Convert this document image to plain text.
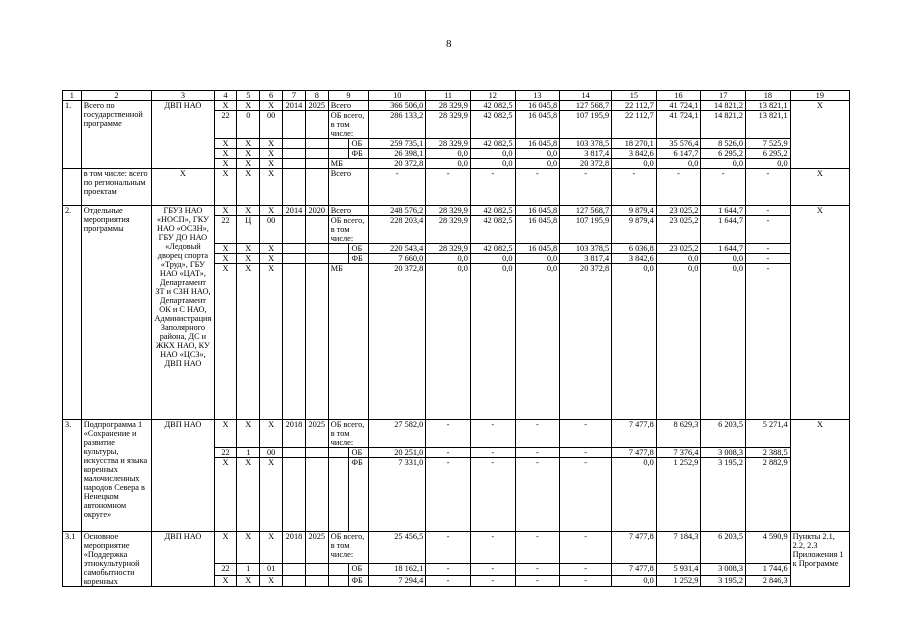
8
1	2	3	4	5	6	7	8	9		10	11	12	13	14	15	16	17	18	19
1.	Всего по государственной программе	ДВП НАО	Х	Х	Х	2014	2025	Всего		366 506,0	28 329,9	42 082,5	16 045,8	127 568,7	22 112,7	41 724,1	14 821,2	13 821,1	Х
			22	0	00			ОБ всего, в том числе:		286 133,2	28 329,9	42 082,5	16 045,8	107 195,9	22 112,7	41 724,1	14 821,2	13 821,1	
			Х	Х	Х				ОБ	259 735,1	28 329,9	42 082,5	16 045,8	103 378,5	18 270,1	35 576,4	8 526,0	7 525,9	
			Х	Х	Х				ФБ	26 398,1	0,0	0,0	0,0	3 817,4	3 842,6	6 147,7	6 295,2	6 295,2	
			Х	Х	Х			МБ		20 372,8	0,0	0,0	0,0	20 372,8	0,0	0,0	0,0	0,0	
	в том числе: всего по региональным проектам	Х	Х	Х	Х			Всего		-	-	-	-	-	-	-	-	-	Х
2.	Отдельные мероприятия программы	ГБУЗ НАО «НОСП», ГКУ НАО «ОСЗН», ГБУ ДО НАО «Ледовый дворец спорта «Труд», ГБУ НАО «ЦАТ», Департамент ЗТ и СЗН НАО, Департамент ОК и С НАО, Администрация Заполярного района, ДС и ЖКХ НАО, КУ НАО «ЦСЗ», ДВП НАО	Х	Х	Х	2014	2020	Всего		248 576,2	28 329,9	42 082,5	16 045,8	127 568,7	9 879,4	23 025,2	1 644,7	-	Х
			22	Ц	00			ОБ всего, в том числе:		228 203,4	28 329,9	42 082,5	16 045,8	107 195,9	9 879,4	23 025,2	1 644,7	-	
			Х	Х	Х				ОБ	220 543,4	28 329,9	42 082,5	16 045,8	103 378,5	6 036,8	23 025,2	1 644,7	-	
			Х	Х	Х				ФБ	7 660,0	0,0	0,0	0,0	3 817,4	3 842,6	0,0	0,0	-	
			Х	Х	Х			МБ		20 372,8	0,0	0,0	0,0	20 372,8	0,0	0,0	0,0	-	
3.	Подпрограмма 1 «Сохранение и развитие культуры, искусства и языка коренных малочисленных народов Севера в Ненецком автономном округе»	ДВП НАО	Х	Х	Х	2018	2025	ОБ всего, в том числе:		27 582,0	-	-	-	-	7 477,8	8 629,3	6 203,5	5 271,4	Х
			22	1	00				ОБ	20 251,0	-	-	-	-	7 477,8	7 376,4	3 008,3	2 388,5	
			Х	Х	Х				ФБ	7 331,0	-	-	-	-	0,0	1 252,9	3 195,2	2 882,9	
3.1	Основное мероприятие «Поддержка этнокультурной самобытности коренных	ДВП НАО	Х	Х	Х	2018	2025	ОБ всего, в том числе:		25 456,5	-	-	-	-	7 477,8	7 184,3	6 203,5	4 590,9	Пункты 2.1, 2.2, 2.3 Приложения 1 к Программе
			22	1	01				ОБ	18 162,1	-	-	-	-	7 477,8	5 931,4	3 008,3	1 744,6	
			Х	Х	Х				ФБ	7 294,4	-	-	-	-	0,0	1 252,9	3 195,2	2 846,3	
